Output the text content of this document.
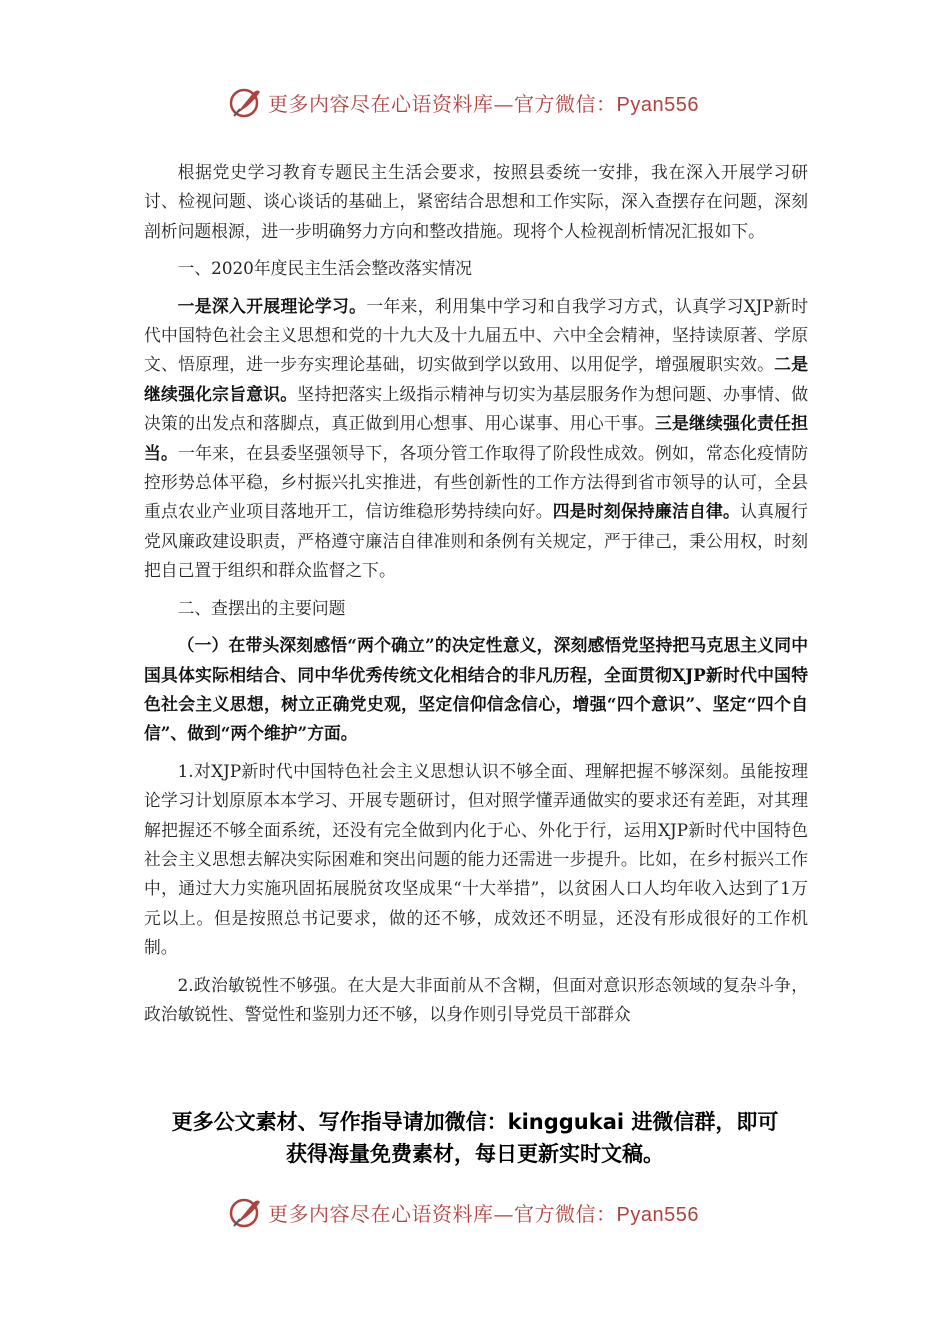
更多内容尽在心语资料库—官方微信：Pyan556

根据党史学习教育专题民主生活会要求，按照县委统一安排，我在深入开展学习研讨、检视问题、谈心谈话的基础上，紧密结合思想和工作实际，深入查摆存在问题，深刻剖析问题根源，进一步明确努力方向和整改措施。现将个人检视剖析情况汇报如下。

一、2020年度民主生活会整改落实情况

一是深入开展理论学习。一年来，利用集中学习和自我学习方式，认真学习XJP新时代中国特色社会主义思想和党的十九大及十九届五中、六中全会精神，坚持读原著、学原文、悟原理，进一步夯实理论基础，切实做到学以致用、以用促学，增强履职实效。二是继续强化宗旨意识。坚持把落实上级指示精神与切实为基层服务作为想问题、办事情、做决策的出发点和落脚点，真正做到用心想事、用心谋事、用心干事。三是继续强化责任担当。一年来，在县委坚强领导下，各项分管工作取得了阶段性成效。例如，常态化疫情防控形势总体平稳，乡村振兴扎实推进，有些创新性的工作方法得到省市领导的认可，全县重点农业产业项目落地开工，信访维稳形势持续向好。四是时刻保持廉洁自律。认真履行党风廉政建设职责，严格遵守廉洁自律准则和条例有关规定，严于律己，秉公用权，时刻把自己置于组织和群众监督之下。

二、查摆出的主要问题

（一）在带头深刻感悟“两个确立”的决定性意义，深刻感悟党坚持把马克思主义同中国具体实际相结合、同中华优秀传统文化相结合的非凡历程，全面贯彻XJP新时代中国特色社会主义思想，树立正确党史观，坚定信仰信念信心，增强“四个意识”、坚定“四个自信”、做到“两个维护”方面。

1.对XJP新时代中国特色社会主义思想认识不够全面、理解把握不够深刻。虽能按理论学习计划原原本本学习、开展专题研讨，但对照学懂弄通做实的要求还有差距，对其理解把握还不够全面系统，还没有完全做到内化于心、外化于行，运用XJP新时代中国特色社会主义思想去解决实际困难和突出问题的能力还需进一步提升。比如，在乡村振兴工作中，通过大力实施巩固拓展脱贫攻坚成果“十大举措”，以贫困人口人均年收入达到了1万元以上。但是按照总书记要求，做的还不够，成效还不明显，还没有形成很好的工作机制。

2.政治敏锐性不够强。在大是大非面前从不含糊，但面对意识形态领域的复杂斗争，政治敏锐性、警觉性和鉴别力还不够，以身作则引导党员干部群众

更多公文素材、写作指导请加微信：kinggukai 进微信群，即可
获得海量免费素材，每日更新实时文稿。
更多内容尽在心语资料库—官方微信：Pyan556
